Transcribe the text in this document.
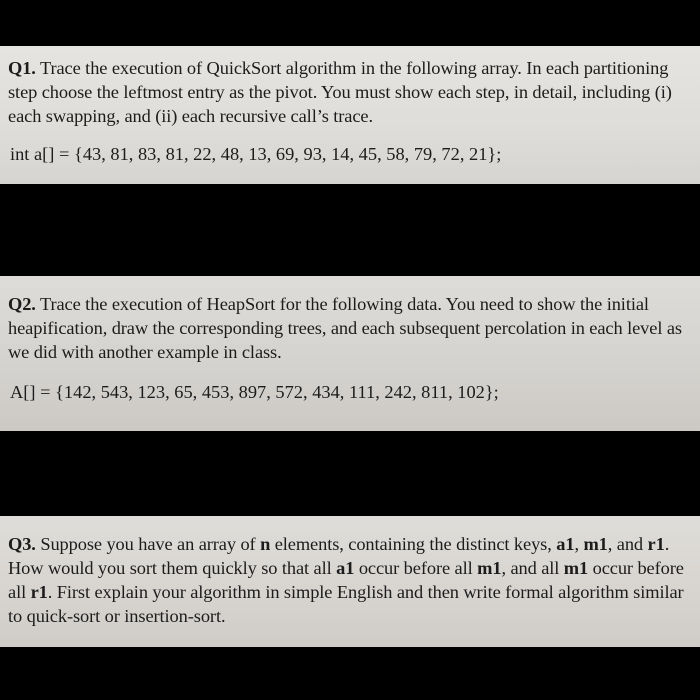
Q1. Trace the execution of QuickSort algorithm in the following array. In each partitioning step choose the leftmost entry as the pivot. You must show each step, in detail, including (i) each swapping, and (ii) each recursive call’s trace.

int a[] = {43, 81, 83, 81, 22, 48, 13, 69, 93, 14, 45, 58, 79, 72, 21};

Q2. Trace the execution of HeapSort for the following data. You need to show the initial heapification, draw the corresponding trees, and each subsequent percolation in each level as we did with another example in class.

A[] = {142, 543, 123, 65, 453, 897, 572, 434, 111, 242, 811, 102};

Q3. Suppose you have an array of n elements, containing the distinct keys, a1, m1, and r1. How would you sort them quickly so that all a1 occur before all m1, and all m1 occur before all r1. First explain your algorithm in simple English and then write formal algorithm similar to quick-sort or insertion-sort.
